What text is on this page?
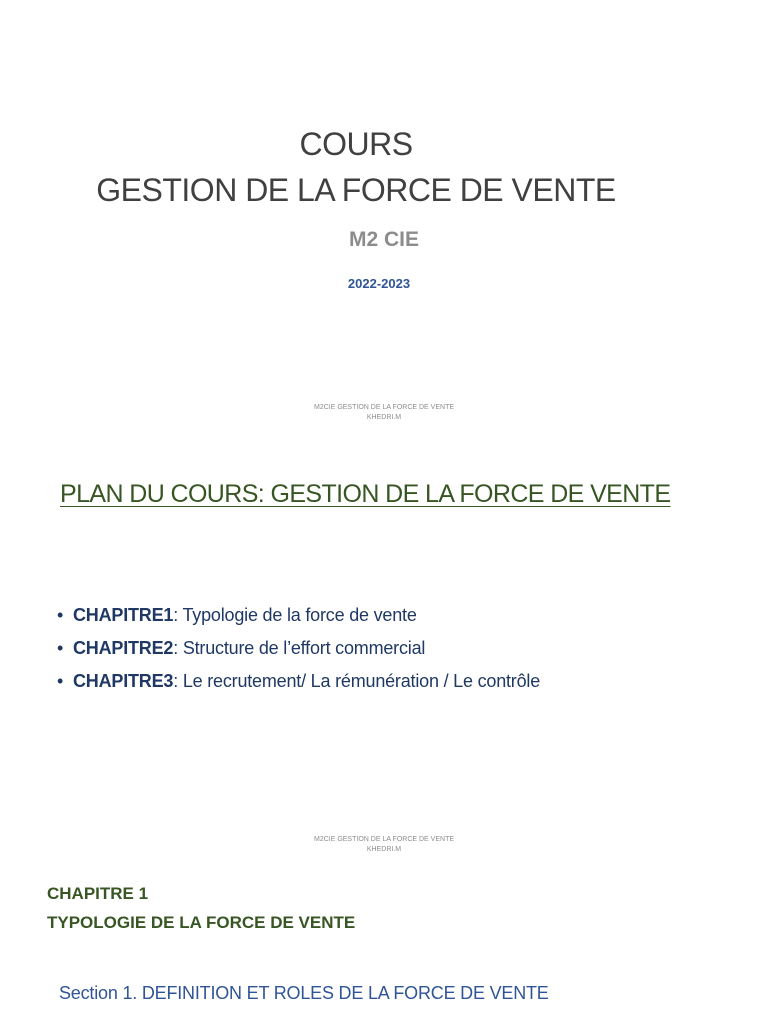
COURS
GESTION DE LA FORCE DE VENTE
M2 CIE
2022-2023
M2CIE GESTION DE LA FORCE DE VENTE
KHEDRI.M
PLAN DU COURS: GESTION DE LA FORCE DE VENTE
• CHAPITRE1: Typologie de la force de vente
• CHAPITRE2: Structure de l’effort commercial
• CHAPITRE3: Le recrutement/ La rémunération / Le contrôle
M2CIE GESTION DE LA FORCE DE VENTE
KHEDRI.M
CHAPITRE 1
TYPOLOGIE DE LA FORCE DE VENTE
Section 1. DEFINITION ET ROLES DE LA FORCE DE VENTE
